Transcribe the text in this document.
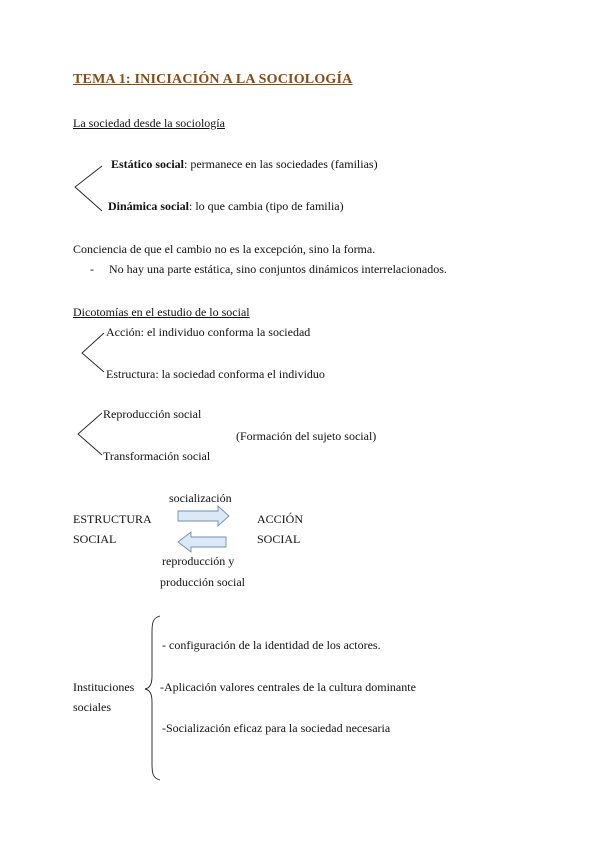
TEMA 1: INICIACIÓN A LA SOCIOLOGÍA
La sociedad desde la sociología
Estático social: permanece en las sociedades (familias)
Dinámica social: lo que cambia (tipo de familia)
Conciencia de que el cambio no es la excepción, sino la forma.
- No hay una parte estática, sino conjuntos dinámicos interrelacionados.
Dicotomías en el estudio de lo social
Acción: el individuo conforma la sociedad
Estructura: la sociedad conforma el individuo
Reproducción social
(Formación del sujeto social)
Transformación social
socialización
ESTRUCTURA
SOCIAL
ACCIÓN
SOCIAL
reproducción y
producción social
Instituciones
sociales
- configuración de la identidad de los actores.
-Aplicación valores centrales de la cultura dominante
-Socialización eficaz para la sociedad necesaria
